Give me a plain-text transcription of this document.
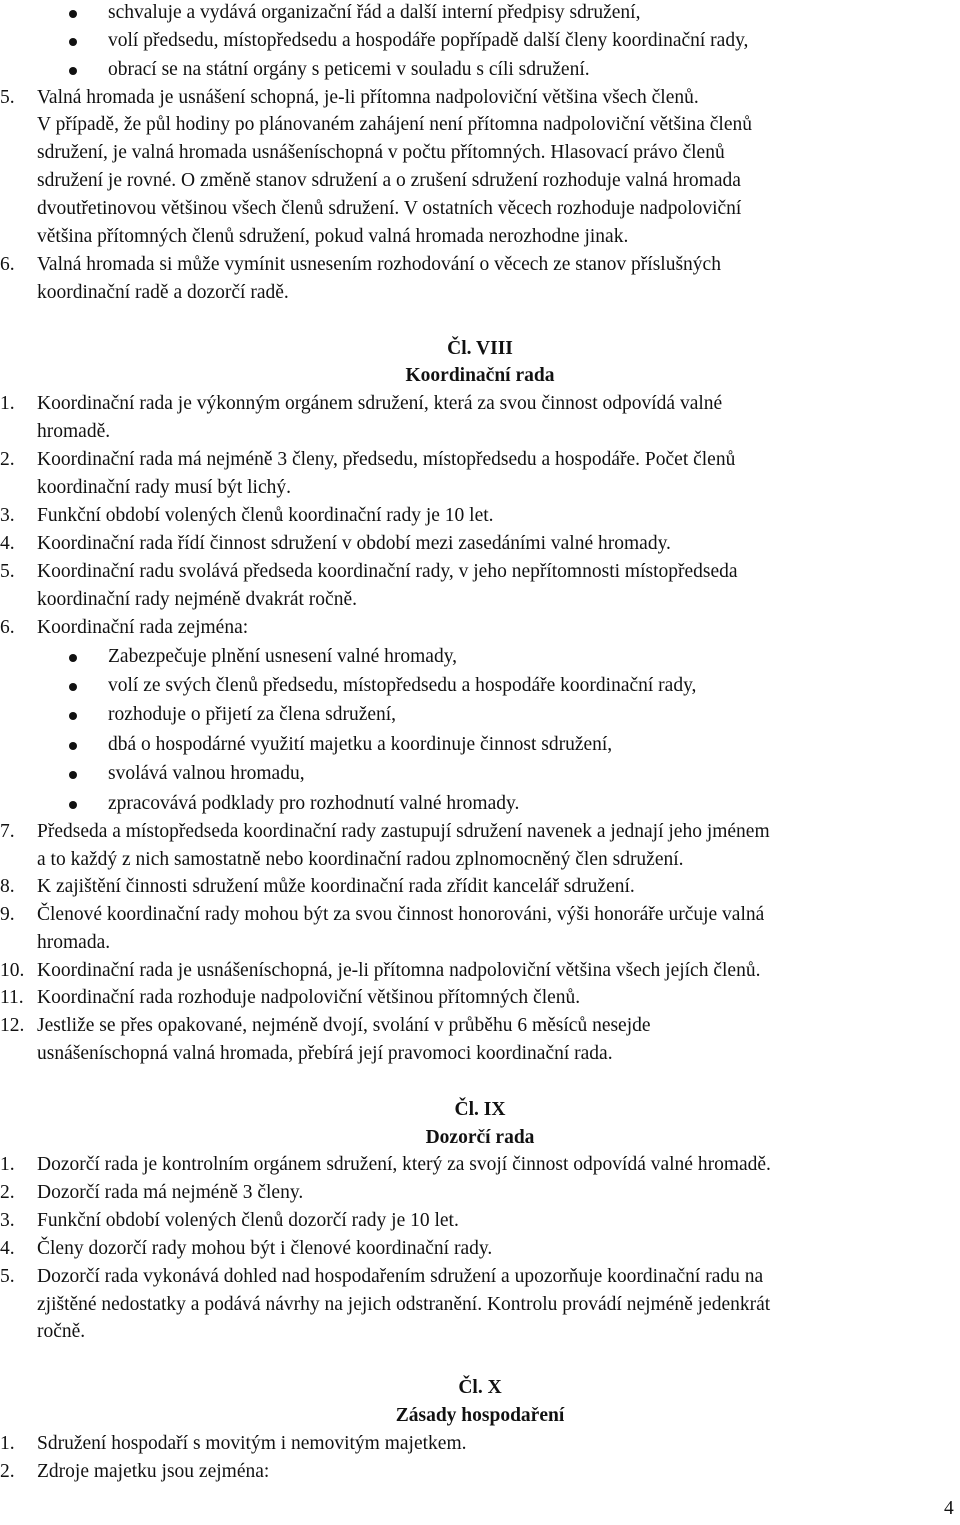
schvaluje a vydává organizační řád a další interní předpisy sdružení,
volí předsedu, místopředsedu a hospodáře popřípadě další členy koordinační rady,
obrací se na státní orgány s peticemi v souladu s cíli sdružení.
5. Valná hromada je usnášení schopná, je-li přítomna nadpoloviční většina všech členů.
V případě, že půl hodiny po plánovaném zahájení není přítomna nadpoloviční většina členů
sdružení, je valná hromada usnášeníschopná v počtu přítomných. Hlasovací právo členů
sdružení je rovné. O změně stanov sdružení a o zrušení sdružení rozhoduje valná hromada
dvoutřetinovou většinou všech členů sdružení. V ostatních věcech rozhoduje nadpoloviční
většina přítomných členů sdružení, pokud valná hromada nerozhodne jinak.
6. Valná hromada si může vymínit usnesením rozhodování o věcech ze stanov příslušných
koordinační radě a dozorčí radě.
Čl. VIII
Koordinační rada
1. Koordinační rada je výkonným orgánem sdružení, která za svou činnost odpovídá valné
hromadě.
2. Koordinační rada má nejméně 3 členy, předsedu, místopředsedu a hospodáře. Počet členů
koordinační rady musí být lichý.
3. Funkční období volených členů koordinační rady je 10 let.
4. Koordinační rada řídí činnost sdružení v období mezi zasedáními valné hromady.
5. Koordinační radu svolává předseda koordinační rady, v jeho nepřítomnosti místopředseda
koordinační rady nejméně dvakrát ročně.
6. Koordinační rada zejména:
Zabezpečuje plnění usnesení valné hromady,
volí ze svých členů předsedu, místopředsedu a hospodáře koordinační rady,
rozhoduje o přijetí za člena sdružení,
dbá o hospodárné využití majetku a koordinuje činnost sdružení,
svolává valnou hromadu,
zpracovává podklady pro rozhodnutí valné hromady.
7. Předseda a místopředseda koordinační rady zastupují sdružení navenek a jednají jeho jménem
a to každý z nich samostatně nebo koordinační radou zplnomocněný člen sdružení.
8. K zajištění činnosti sdružení může koordinační rada zřídit kancelář sdružení.
9. Členové koordinační rady mohou být za svou činnost honorováni, výši honoráře určuje valná
hromada.
10. Koordinační rada je usnášeníschopná, je-li přítomna nadpoloviční většina všech jejích členů.
11. Koordinační rada rozhoduje nadpoloviční většinou přítomných členů.
12. Jestliže se přes opakované, nejméně dvojí, svolání v průběhu 6 měsíců nesejde
usnášeníschopná valná hromada, přebírá její pravomoci koordinační rada.
Čl. IX
Dozorčí rada
1. Dozorčí rada je kontrolním orgánem sdružení, který za svojí činnost odpovídá valné hromadě.
2. Dozorčí rada má nejméně 3 členy.
3. Funkční období volených členů dozorčí rady je 10 let.
4. Členy dozorčí rady mohou být i členové koordinační rady.
5. Dozorčí rada vykonává dohled nad hospodařením sdružení a upozorňuje koordinační radu na
zjištěné nedostatky a podává návrhy na jejich odstranění. Kontrolu provádí nejméně jedenkrát
ročně.
Čl. X
Zásady hospodaření
1. Sdružení hospodaří s movitým i nemovitým majetkem.
2. Zdroje majetku jsou zejména:
4
